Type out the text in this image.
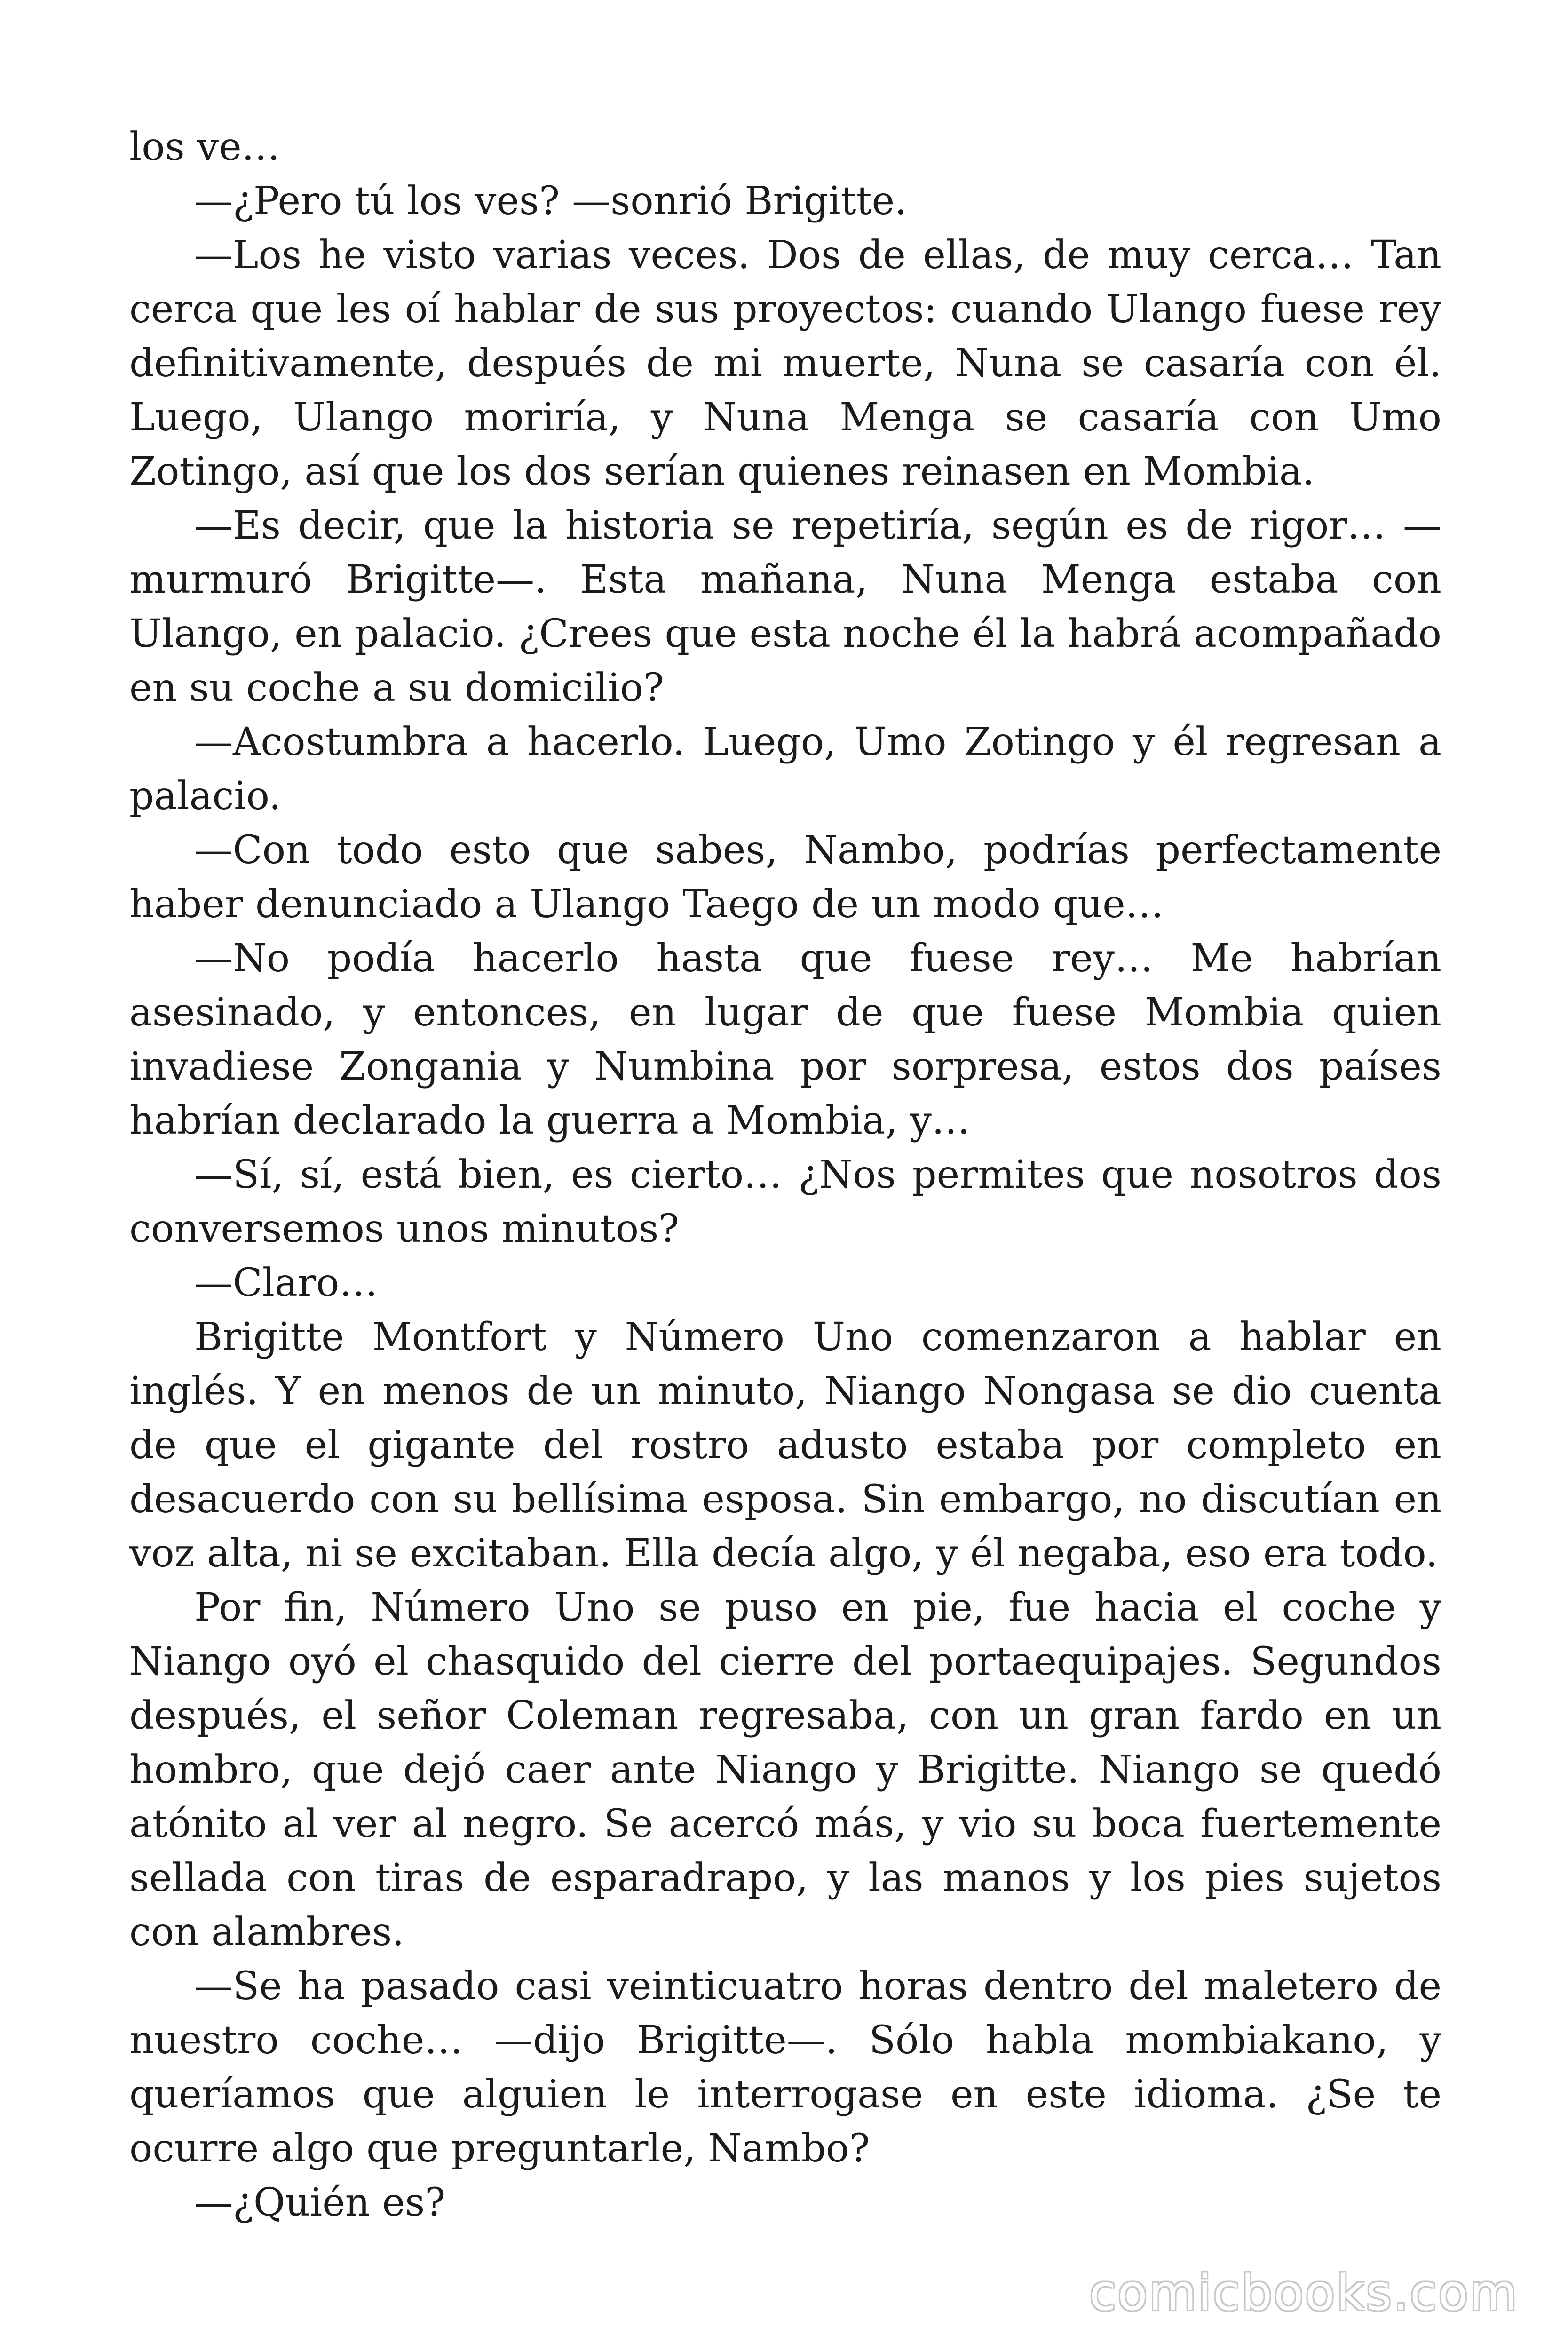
los ve…

—¿Pero tú los ves? —sonrió Brigitte.

—Los he visto varias veces. Dos de ellas, de muy cerca… Tan cerca que les oí hablar de sus proyectos: cuando Ulango fuese rey definitivamente, después de mi muerte, Nuna se casaría con él. Luego, Ulango moriría, y Nuna Menga se casaría con Umo Zotingo, así que los dos serían quienes reinasen en Mombia.

—Es decir, que la historia se repetiría, según es de rigor… —murmuró Brigitte—. Esta mañana, Nuna Menga estaba con Ulango, en palacio. ¿Crees que esta noche él la habrá acompañado en su coche a su domicilio?

—Acostumbra a hacerlo. Luego, Umo Zotingo y él regresan a palacio.

—Con todo esto que sabes, Nambo, podrías perfectamente haber denunciado a Ulango Taego de un modo que…

—No podía hacerlo hasta que fuese rey… Me habrían asesinado, y entonces, en lugar de que fuese Mombia quien invadiese Zongania y Numbina por sorpresa, estos dos países habrían declarado la guerra a Mombia, y…

—Sí, sí, está bien, es cierto… ¿Nos permites que nosotros dos conversemos unos minutos?

—Claro…

Brigitte Montfort y Número Uno comenzaron a hablar en inglés. Y en menos de un minuto, Niango Nongasa se dio cuenta de que el gigante del rostro adusto estaba por completo en desacuerdo con su bellísima esposa. Sin embargo, no discutían en voz alta, ni se excitaban. Ella decía algo, y él negaba, eso era todo.

Por fin, Número Uno se puso en pie, fue hacia el coche y Niango oyó el chasquido del cierre del portaequipajes. Segundos después, el señor Coleman regresaba, con un gran fardo en un hombro, que dejó caer ante Niango y Brigitte. Niango se quedó atónito al ver al negro. Se acercó más, y vio su boca fuertemente sellada con tiras de esparadrapo, y las manos y los pies sujetos con alambres.

—Se ha pasado casi veinticuatro horas dentro del maletero de nuestro coche… —dijo Brigitte—. Sólo habla mombiakano, y queríamos que alguien le interrogase en este idioma. ¿Se te ocurre algo que preguntarle, Nambo?

—¿Quién es?

comicbooks.com
